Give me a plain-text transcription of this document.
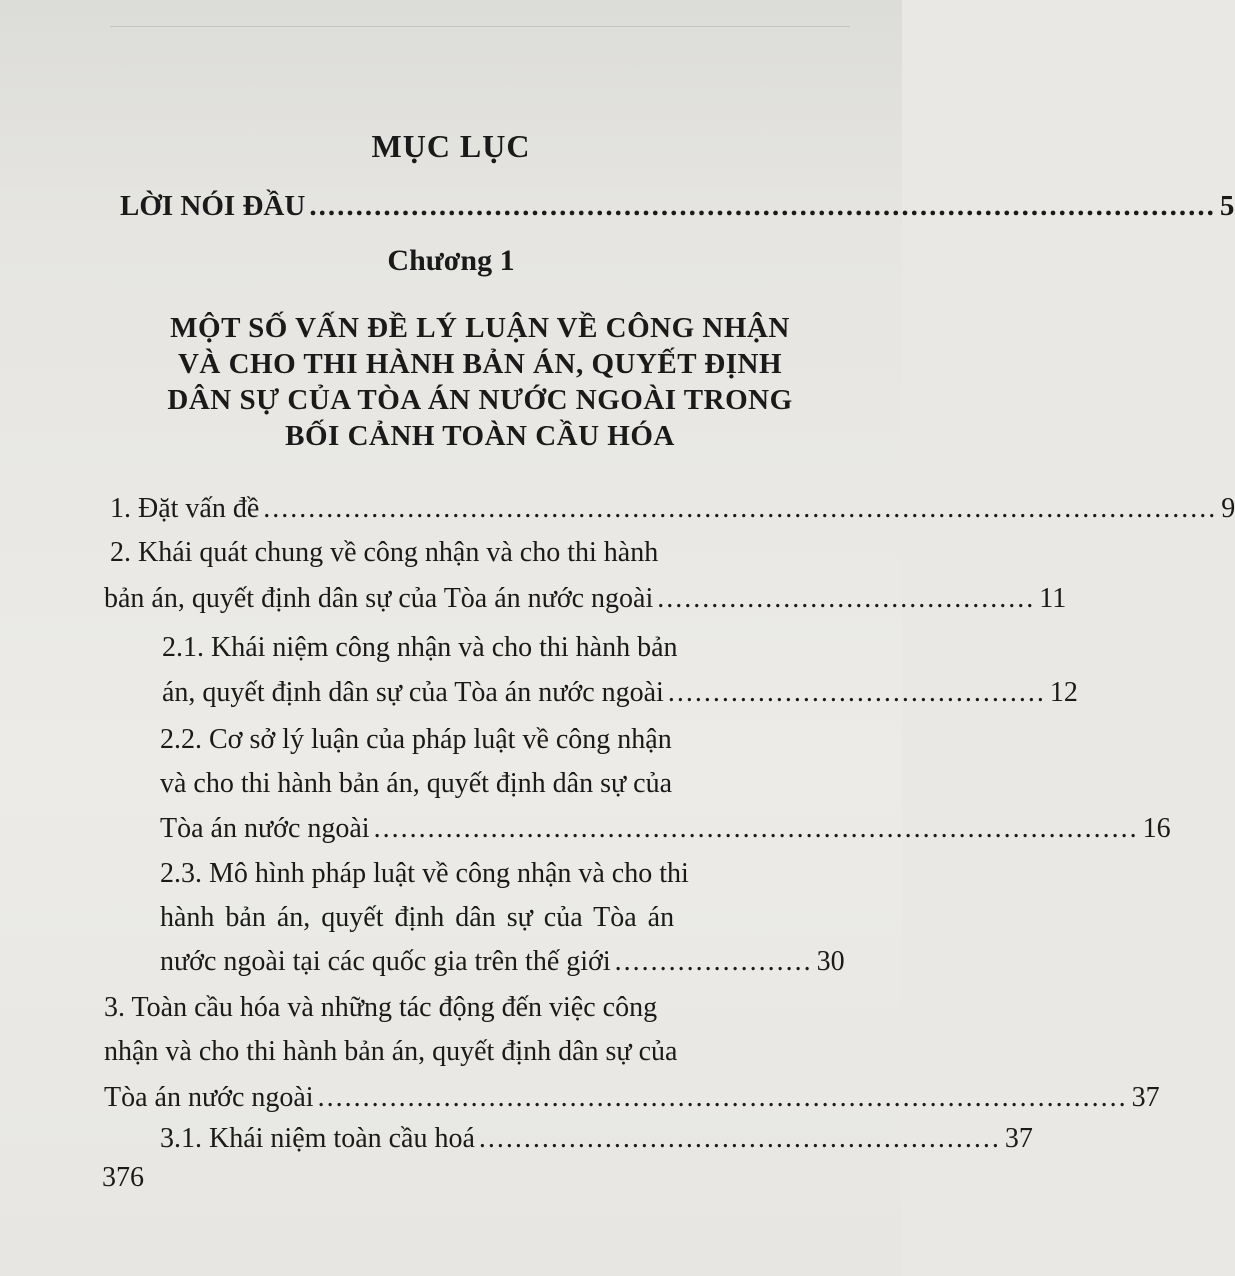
MỤC LỤC
LỜI NÓI ĐẦU .................................................................................................. 5
Chương 1
MỘT SỐ VẤN ĐỀ LÝ LUẬN VỀ CÔNG NHẬN
VÀ CHO THI HÀNH BẢN ÁN, QUYẾT ĐỊNH
DÂN SỰ CỦA TÒA ÁN NƯỚC NGOÀI TRONG
BỐI CẢNH TOÀN CẦU HÓA
1. Đặt vấn đề .......................................................................................................... 9
2. Khái quát chung về công nhận và cho thi hành
bản án, quyết định dân sự của Tòa án nước ngoài .......................................... 11
2.1. Khái niệm công nhận và cho thi hành bản
án, quyết định dân sự của Tòa án nước ngoài .......................................... 12
2.2. Cơ sở lý luận của pháp luật về công nhận
và cho thi hành bản án, quyết định dân sự của
Tòa án nước ngoài ..................................................................................... 16
2.3. Mô hình pháp luật về công nhận và cho thi
hành bản án, quyết định dân sự của Tòa án
nước ngoài tại các quốc gia trên thế giới ...................... 30
3. Toàn cầu hóa và những tác động đến việc công
nhận và cho thi hành bản án, quyết định dân sự của
Tòa án nước ngoài .......................................................................................... 37
3.1. Khái niệm toàn cầu hoá .......................................................... 37
376
